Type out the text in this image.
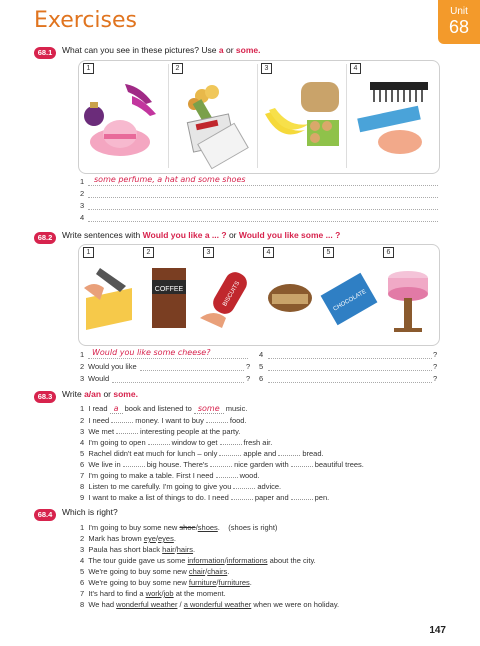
Exercises	Unit
68
68.1	What can you see in these pictures? Use a or some.
1	2	3	4
1 some perfume, a hat and some shoes
2
3
4
68.2	Write sentences with Would you like a ... ? or Would you like some ... ?
1	2	3	4	5	6
COFFEE	BISCUITS	CHOCOLATE
1 Would you like some cheese?
2 Would you like	?
3 Would	?
4	?
5	?
6	?
68.3	Write a/an or some.
1 I read a book and listened to some music.
2 I need	money. I want to buy	food.
3 We met	interesting people at the party.
4 I'm going to open	window to get	fresh air.
5 Rachel didn't eat much for lunch – only	apple and	bread.
6 We live in	big house. There's	nice garden with	beautiful trees.
7 I'm going to make a table. First I need	wood.
8 Listen to me carefully. I'm going to give you	advice.
9 I want to make a list of things to do. I need	paper and	pen.
68.4	Which is right?
1 I'm going to buy some new shoe/shoes. (shoes is right)
2 Mark has brown eye/eyes.
3 Paula has short black hair/hairs.
4 The tour guide gave us some information/informations about the city.
5 We're going to buy some new chair/chairs.
6 We're going to buy some new furniture/furnitures.
7 It's hard to find a work/job at the moment.
8 We had wonderful weather / a wonderful weather when we were on holiday.
147
